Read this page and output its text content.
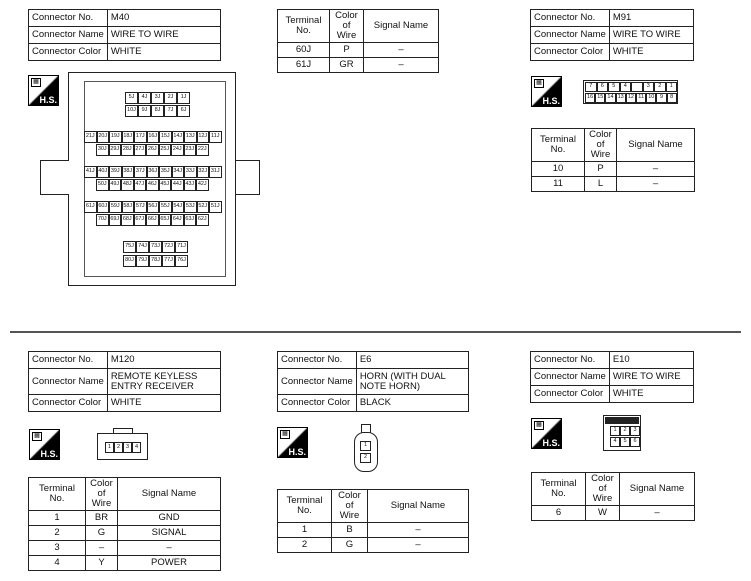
Connector No.	M40
Connector Name	WIRE TO WIRE
Connector Color	WHITE
▦
H.S.
Terminal No.	Color of Wire	Signal Name
60J	P	–
61J	GR	–
Connector No.	M91
Connector Name	WIRE TO WIRE
Connector Color	WHITE
▦
H.S.
Terminal No.	Color of Wire	Signal Name
10	P	–
11	L	–
Connector No.	M120
Connector Name	REMOTE KEYLESS ENTRY RECEIVER
Connector Color	WHITE
▦
H.S.
Terminal No.	Color of Wire	Signal Name
1	BR	GND
2	G	SIGNAL
3	–	–
4	Y	POWER
Connector No.	E6
Connector Name	HORN (WITH DUAL NOTE HORN)
Connector Color	BLACK
▦
H.S.
Terminal No.	Color of Wire	Signal Name
1	B	–
2	G	–
Connector No.	E10
Connector Name	WIRE TO WIRE
Connector Color	WHITE
▦
H.S.
Terminal No.	Color of Wire	Signal Name
6	W	–
5J	4J	3J	2J	1J
10J	9J	8J	7J	6J
21J 20J 19J 18J 17J 16J 15J 14J 13J 12J 11J
30J 29J 28J 27J 26J 25J 24J 23J 22J
41J 40J 39J 38J 37J 36J 35J 34J 33J 32J 31J
50J 49J 48J 47J 46J 45J 44J 43J 42J
61J 60J 59J 58J 57J 56J 55J 54J 53J 52J 51J
70J 69J 68J 67J 66J 65J 64J 63J 62J
75J 74J 73J 72J 71J
80J 79J 78J 77J 76J
7	6	5	4	3	2	1
16 15 14 13 12 11 10	9	8
1	2	3	4	1
2
1	2	3
4	5	6
